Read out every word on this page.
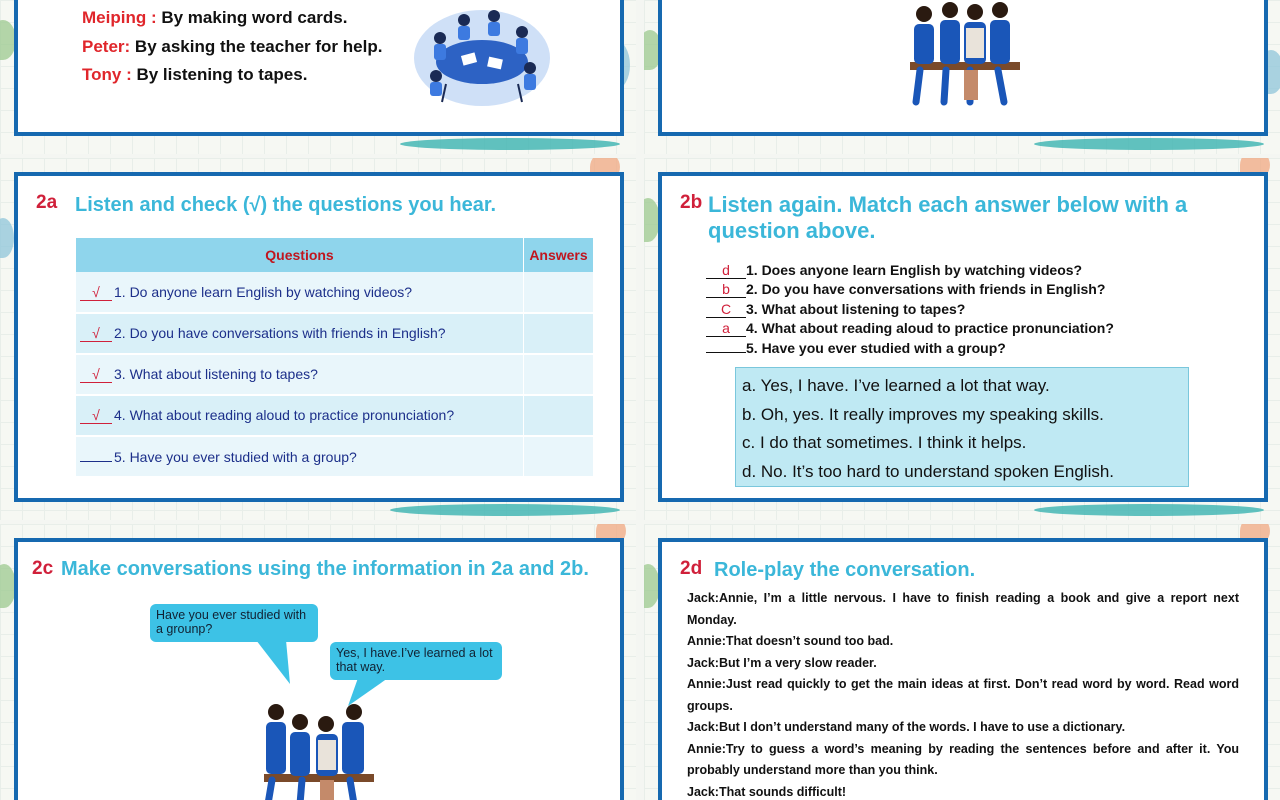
Meiping : By making word cards.
Peter: By asking the teacher for help.
Tony : By listening to tapes.
2a Listen and check (√) the questions you hear.
Questions	Answers
√ 1. Do anyone learn English by watching videos?	
√ 2. Do you have conversations with friends in English?	
√ 3. What about listening to tapes?	
√ 4. What about reading aloud to practice pronunciation?	
5. Have you ever studied with a group?	
2b Listen again. Match each answer below with a
question above.
d 1. Does anyone learn English by watching videos?
b 2. Do you have conversations with friends in English?
C 3. What about listening to tapes?
a 4. What about reading aloud to practice pronunciation?
5. Have you ever studied with a group?
a. Yes, I have. I’ve learned a lot that way.
b. Oh, yes. It really improves my speaking skills.
c. I do that sometimes. I think it helps.
d. No. It’s too hard to understand spoken English.
2c Make conversations using the information in 2a and 2b.
Have you ever studied with a grounp?
Yes, I have.I’ve learned a lot that way.
2d Role-play the conversation.
Jack:Annie, I’m a little nervous. I have to finish reading a book and give a report next Monday.
Annie:That doesn’t sound too bad.
Jack:But I’m a very slow reader.
Annie:Just read quickly to get the main ideas at first. Don’t read word by word. Read word groups.
Jack:But I don’t understand many of the words. I have to use a dictionary.
Annie:Try to guess a word’s meaning by reading the sentences before and after it. You probably understand more than you think.
Jack:That sounds difficult!
